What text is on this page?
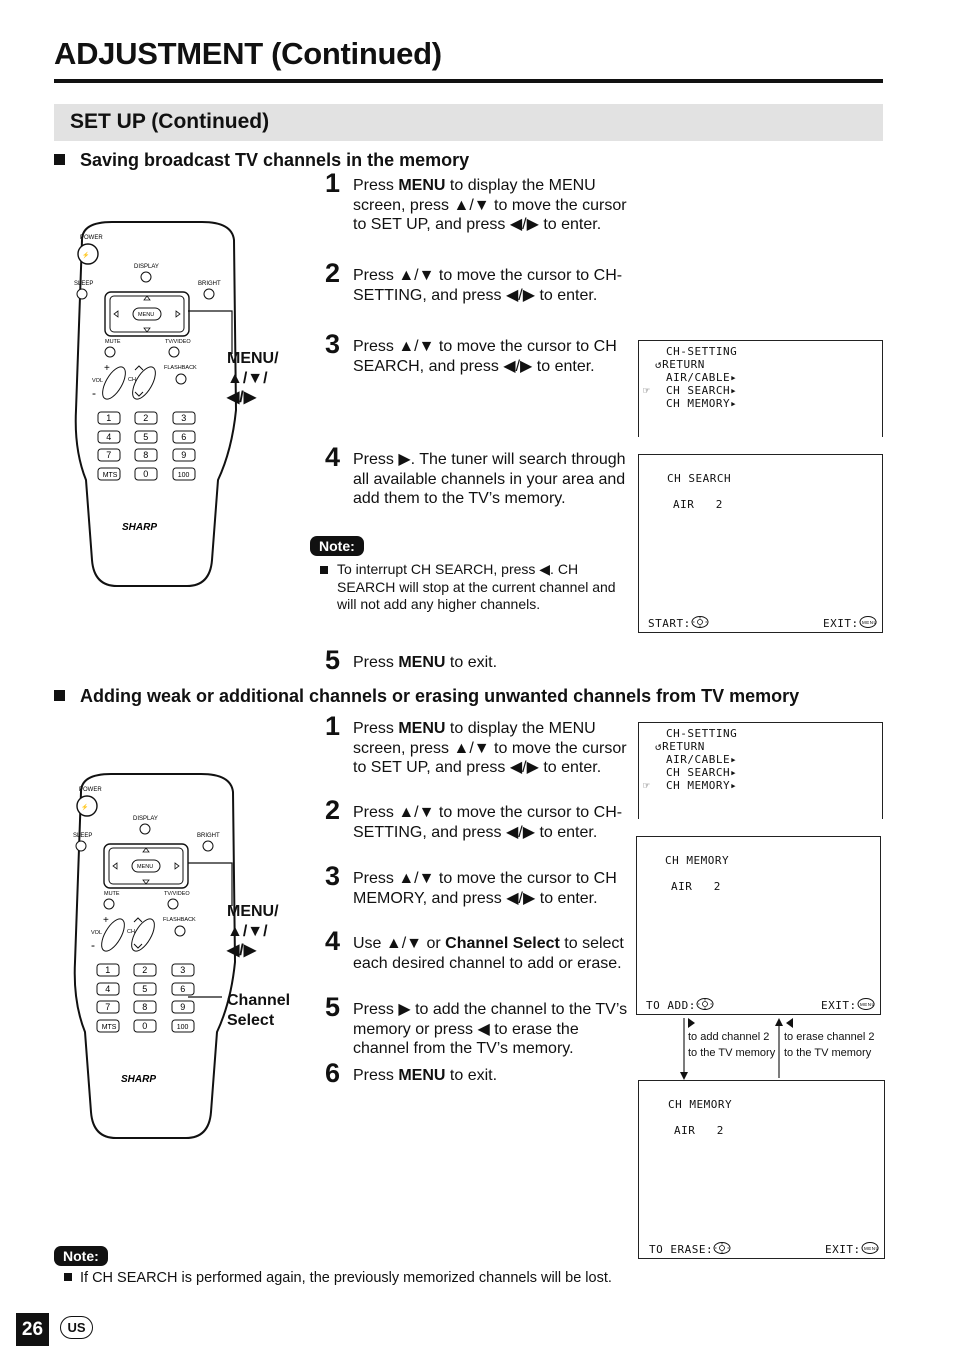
ADJUSTMENT (Continued)
SET UP (Continued)
Saving broadcast TV channels in the memory
1 Press MENU to display the MENU screen, press ▲/▼ to move the cursor to SET UP, and press ◀/▶ to enter.
2 Press ▲/▼ to move the cursor to CH-SETTING, and press ◀/▶ to enter.
3 Press ▲/▼ to move the cursor to CH SEARCH, and press ◀/▶ to enter.
4 Press ▶. The tuner will search through all available channels in your area and add them to the TV’s memory.
5 Press MENU to exit.
Note:
To interrupt CH SEARCH, press ◀. CH SEARCH will stop at the current channel and will not add any higher channels.
POWER
⚡
DISPLAY
SLEEP	BRIGHT
MENU
MUTE	TV/VIDEO
FLASHBACK
+
VOL
-
CH
1	2	3
4	5	6
7	8	9
MTS	0	100
SHARP
MENU/ ▲/▼/ ◀/▶
CH-SETTING
↺RETURN
AIR/CABLE▸
☞ CH SEARCH▸
CH MEMORY▸
CH SEARCH
AIR   2
START:	EXIT: MENU
Adding weak or additional channels or erasing unwanted channels from TV memory
1 Press MENU to display the MENU screen, press ▲/▼ to move the cursor to SET UP, and press ◀/▶ to enter.
2 Press ▲/▼ to move the cursor to CH-SETTING, and press ◀/▶ to enter.
3 Press ▲/▼ to move the cursor to CH MEMORY, and press ◀/▶ to enter.
4 Use ▲/▼ or Channel Select to select each desired channel to add or erase.
5 Press ▶ to add the channel to the TV’s memory or press ◀ to erase the channel from the TV’s memory.
6 Press MENU to exit.
POWER
⚡
DISPLAY
SLEEP	BRIGHT
MENU
MUTE	TV/VIDEO
FLASHBACK
+
VOL
-
CH
1	2	3
4	5	6
7	8	9
MTS	0	100
SHARP
MENU/ ▲/▼/ ◀/▶
Channel Select
CH-SETTING
↺RETURN
AIR/CABLE▸
CH SEARCH▸
☞ CH MEMORY▸
CH MEMORY
AIR   2
TO ADD:	EXIT: MENU
to add channel 2 to the TV memory
to erase channel 2 to the TV memory
CH MEMORY
AIR   2
TO ERASE:	EXIT: MENU
Note:
If CH SEARCH is performed again, the previously memorized channels will be lost.
26	US
